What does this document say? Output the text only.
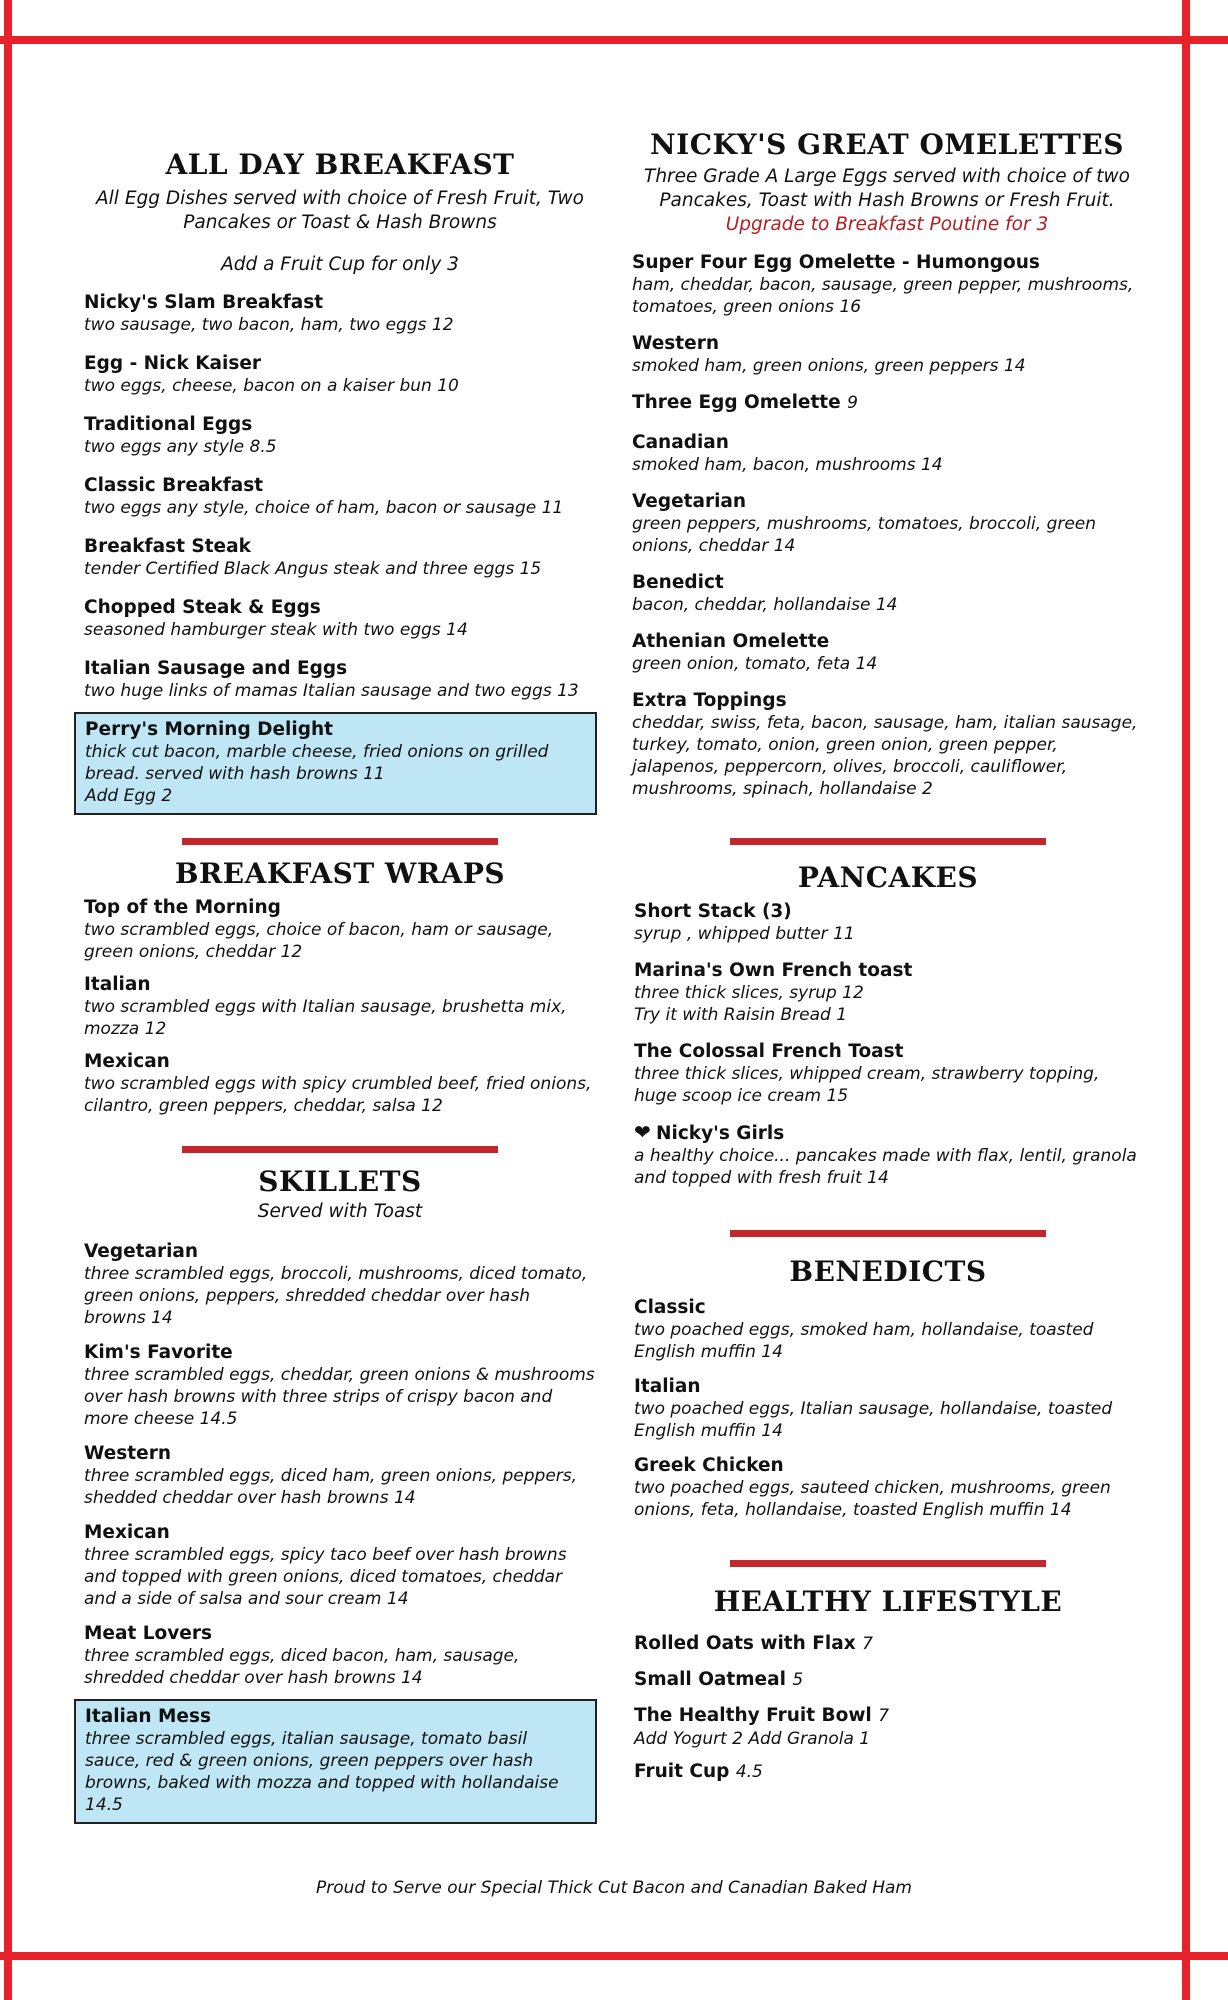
ALL DAY BREAKFAST

All Egg Dishes served with choice of Fresh Fruit, Two

Pancakes or Toast & Hash Browns

Add a Fruit Cup for only 3

Nicky's Slam Breakfast
two sausage, two bacon, ham, two eggs 12
Egg - Nick Kaiser
two eggs, cheese, bacon on a kaiser bun 10
Traditional Eggs
two eggs any style 8.5
Classic Breakfast
two eggs any style, choice of ham, bacon or sausage 11
Breakfast Steak
tender Certified Black Angus steak and three eggs 15
Chopped Steak & Eggs
seasoned hamburger steak with two eggs 14
Italian Sausage and Eggs
two huge links of mamas Italian sausage and two eggs 13
Perry's Morning Delight
thick cut bacon, marble cheese, fried onions on grilled bread. served with hash browns 11
Add Egg 2
NICKY'S GREAT OMELETTES

Three Grade A Large Eggs served with choice of two

Pancakes, Toast with Hash Browns or Fresh Fruit.

Upgrade to Breakfast Poutine for 3

Super Four Egg Omelette - Humongous
ham, cheddar, bacon, sausage, green pepper, mushrooms, tomatoes, green onions 16
Western
smoked ham, green onions, green peppers 14
Three Egg Omelette 9
Canadian
smoked ham, bacon, mushrooms 14
Vegetarian
green peppers, mushrooms, tomatoes, broccoli, green onions, cheddar 14
Benedict
bacon, cheddar, hollandaise 14
Athenian Omelette
green onion, tomato, feta 14
Extra Toppings
cheddar, swiss, feta, bacon, sausage, ham, italian sausage, turkey, tomato, onion, green onion, green pepper, jalapenos, peppercorn, olives, broccoli, cauliflower, mushrooms, spinach, hollandaise 2
BREAKFAST WRAPS
Top of the Morning
two scrambled eggs, choice of bacon, ham or sausage, green onions, cheddar 12
Italian
two scrambled eggs with Italian sausage, brushetta mix, mozza 12
Mexican
two scrambled eggs with spicy crumbled beef, fried onions, cilantro, green peppers, cheddar, salsa 12
SKILLETS

Served with Toast

Vegetarian
three scrambled eggs, broccoli, mushrooms, diced tomato, green onions, peppers, shredded cheddar over hash browns 14
Kim's Favorite
three scrambled eggs, cheddar, green onions & mushrooms over hash browns with three strips of crispy bacon and more cheese 14.5
Western
three scrambled eggs, diced ham, green onions, peppers, shedded cheddar over hash browns 14
Mexican
three scrambled eggs, spicy taco beef over hash browns and topped with green onions, diced tomatoes, cheddar and a side of salsa and sour cream 14
Meat Lovers
three scrambled eggs, diced bacon, ham, sausage, shredded cheddar over hash browns 14
Italian Mess
three scrambled eggs, italian sausage, tomato basil sauce, red & green onions, green peppers over hash browns, baked with mozza and topped with hollandaise 14.5
PANCAKES
Short Stack (3)
syrup , whipped butter 11
Marina's Own French toast
three thick slices, syrup 12
Try it with Raisin Bread 1
The Colossal French Toast
three thick slices, whipped cream, strawberry topping, huge scoop ice cream 15
❤ Nicky's Girls
a healthy choice... pancakes made with flax, lentil, granola and topped with fresh fruit 14
BENEDICTS
Classic
two poached eggs, smoked ham, hollandaise, toasted English muffin 14
Italian
two poached eggs, Italian sausage, hollandaise, toasted English muffin 14
Greek Chicken
two poached eggs, sauteed chicken, mushrooms, green onions, feta, hollandaise, toasted English muffin 14
HEALTHY LIFESTYLE
Rolled Oats with Flax 7
Small Oatmeal 5
The Healthy Fruit Bowl 7
Add Yogurt 2 Add Granola 1
Fruit Cup 4.5
Proud to Serve our Special Thick Cut Bacon and Canadian Baked Ham
